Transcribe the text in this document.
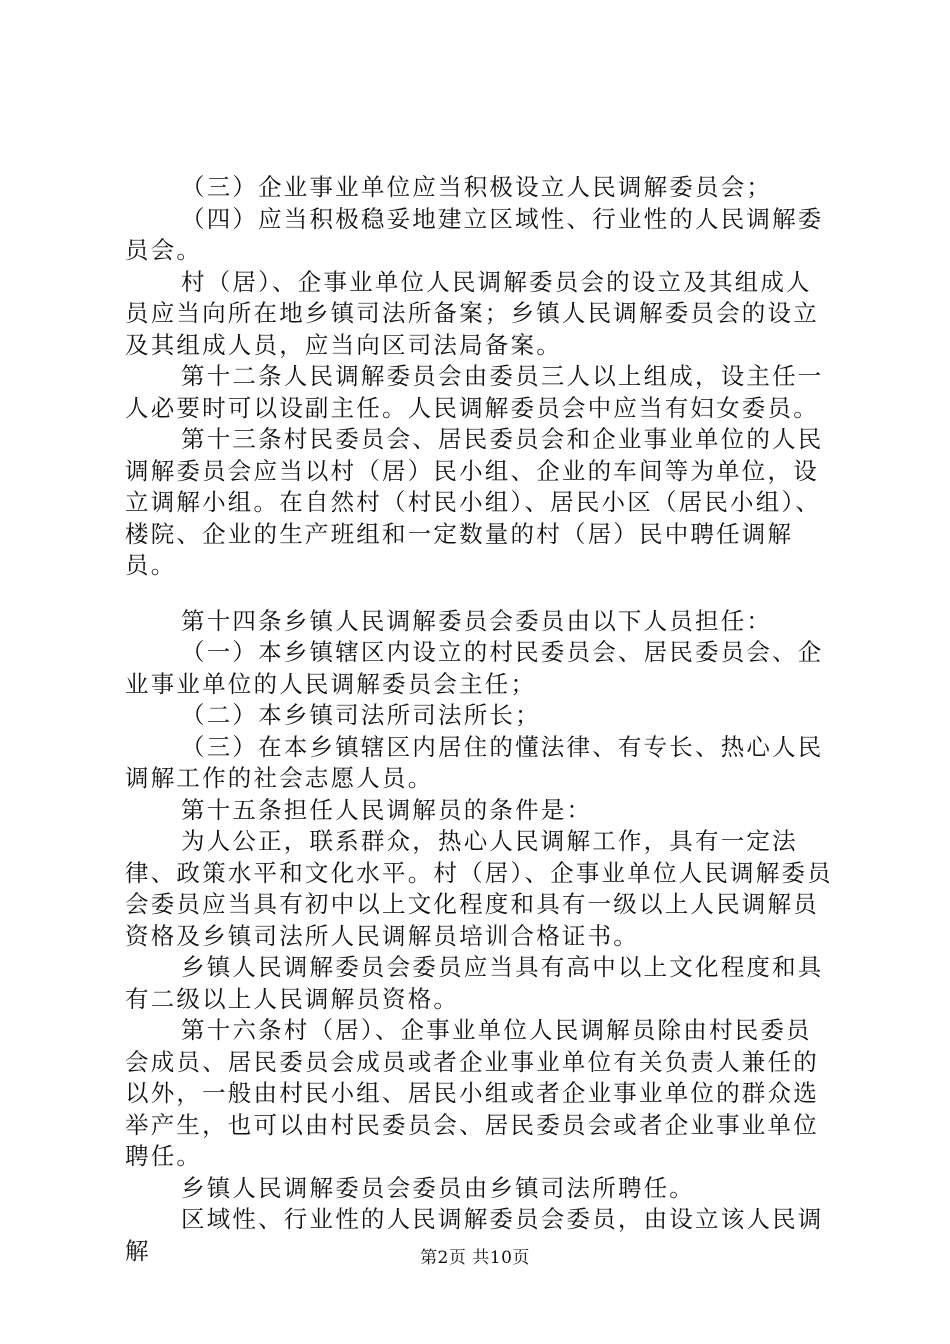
（三）企业事业单位应当积极设立人民调解委员会；

（四）应当积极稳妥地建立区域性、行业性的人民调解委员会。

村（居）、企事业单位人民调解委员会的设立及其组成人员应当向所在地乡镇司法所备案；乡镇人民调解委员会的设立及其组成人员，应当向区司法局备案。

第十二条人民调解委员会由委员三人以上组成，设主任一人必要时可以设副主任。人民调解委员会中应当有妇女委员。

第十三条村民委员会、居民委员会和企业事业单位的人民调解委员会应当以村（居）民小组、企业的车间等为单位，设立调解小组。在自然村（村民小组）、居民小区（居民小组）、楼院、企业的生产班组和一定数量的村（居）民中聘任调解员。

第十四条乡镇人民调解委员会委员由以下人员担任：

（一）本乡镇辖区内设立的村民委员会、居民委员会、企业事业单位的人民调解委员会主任；

（二）本乡镇司法所司法所长；

（三）在本乡镇辖区内居住的懂法律、有专长、热心人民调解工作的社会志愿人员。

第十五条担任人民调解员的条件是：

为人公正，联系群众，热心人民调解工作，具有一定法律、政策水平和文化水平。村（居）、企事业单位人民调解委员会委员应当具有初中以上文化程度和具有一级以上人民调解员资格及乡镇司法所人民调解员培训合格证书。

乡镇人民调解委员会委员应当具有高中以上文化程度和具有二级以上人民调解员资格。

第十六条村（居）、企事业单位人民调解员除由村民委员会成员、居民委员会成员或者企业事业单位有关负责人兼任的以外，一般由村民小组、居民小组或者企业事业单位的群众选举产生，也可以由村民委员会、居民委员会或者企业事业单位聘任。

乡镇人民调解委员会委员由乡镇司法所聘任。

区域性、行业性的人民调解委员会委员，由设立该人民调解	第2页 共10页
